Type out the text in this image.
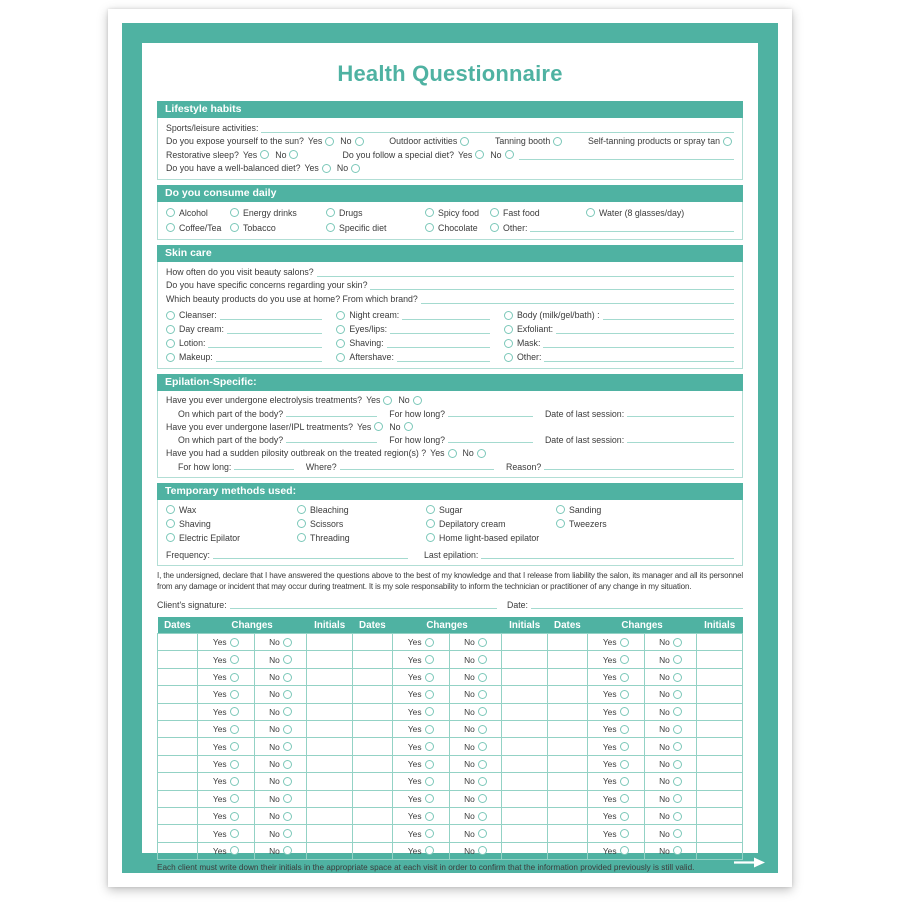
Health Questionnaire
Lifestyle habits
Sports/leisure activities:
Do you expose yourself to the sun? Yes No	Outdoor activities	Tanning booth	Self-tanning products or spray tan
Restorative sleep? Yes No	Do you follow a special diet? Yes No
Do you have a well-balanced diet? Yes No
Do you consume daily
Alcohol	Energy drinks	Drugs	Spicy food	Fast food	Water (8 glasses/day)
Coffee/Tea Tobacco	Specific diet	Chocolate	Other:
Skin care
How often do you visit beauty salons?
Do you have specific concerns regarding your skin?
Which beauty products do you use at home? From which brand?
Cleanser:	Night cream:	Body (milk/gel/bath) :
Day cream:	Eyes/lips:	Exfoliant:
Lotion:	Shaving:	Mask:
Makeup:	Aftershave:	Other:
Epilation-Specific:
Have you ever undergone electrolysis treatments? Yes No
On which part of the body?	For how long?	Date of last session:
Have you ever undergone laser/IPL treatments? Yes No
On which part of the body?	For how long?	Date of last session:
Have you had a sudden pilosity outbreak on the treated region(s) ? Yes No
For how long:	Where?	Reason?
Temporary methods used:
Wax
Shaving
Electric Epilator
Bleaching
Scissors
Threading
Sugar
Depilatory cream
Home light-based epilator
Sanding
Tweezers
Frequency:	Last epilation:
I, the undersigned, declare that I have answered the questions above to the best of my knowledge and that I release from liability the salon, its manager and all its personnel from any damage or incident that may occur during treatment. It is my sole responsability to inform the technician or practitioner of any change in my situation.
Client's signature:	Date:
Dates	Changes		Initials	Dates	Changes		Initials	Dates	Changes		Initials

	Yes	No			Yes	No			Yes	No	

	Yes	No			Yes	No			Yes	No	

	Yes	No			Yes	No			Yes	No	

	Yes	No			Yes	No			Yes	No	

	Yes	No			Yes	No			Yes	No	

	Yes	No			Yes	No			Yes	No	

	Yes	No			Yes	No			Yes	No	

	Yes	No			Yes	No			Yes	No	

	Yes	No			Yes	No			Yes	No	

	Yes	No			Yes	No			Yes	No	

	Yes	No			Yes	No			Yes	No	

	Yes	No			Yes	No			Yes	No	

	Yes	No			Yes	No			Yes	No	

Each client must write down their initials in the appropriate space at each visit in order to confirm that the information provided previously is still valid.
